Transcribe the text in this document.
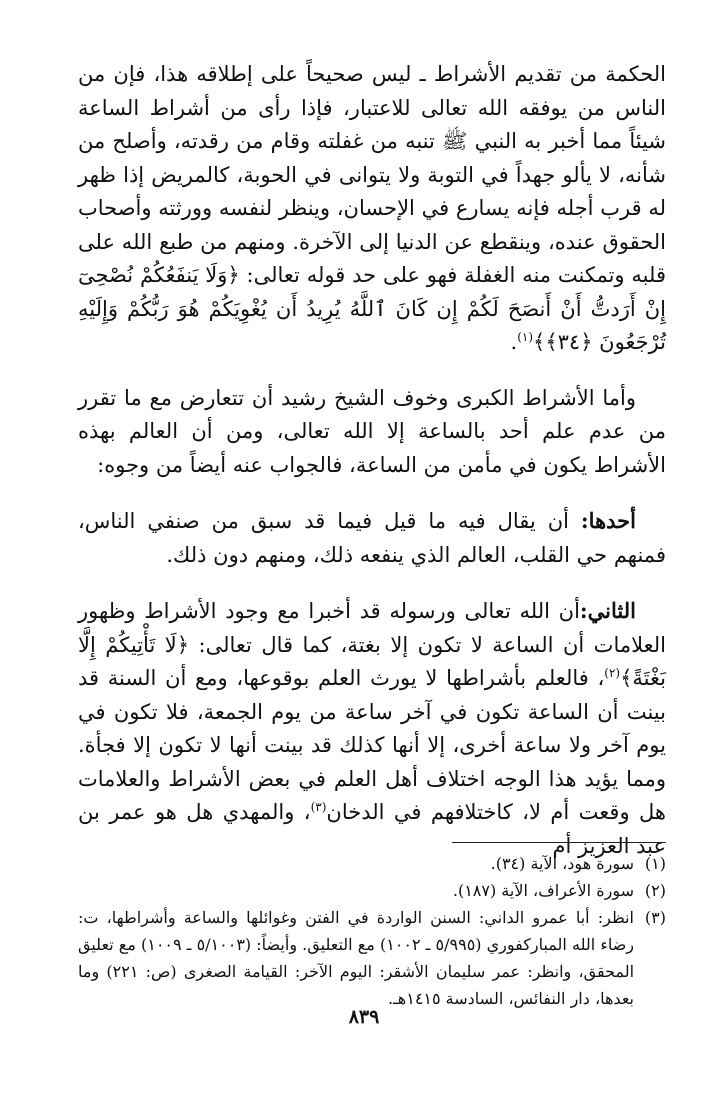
الحكمة من تقديم الأشراط ـ ليس صحيحاً على إطلاقه هذا، فإن من الناس من يوفقه الله تعالى للاعتبار، فإذا رأى من أشراط الساعة شيئاً مما أخبر به النبي ﷺ تنبه من غفلته وقام من رقدته، وأصلح من شأنه، لا يألو جهداً في التوبة ولا يتوانى في الحوبة، كالمريض إذا ظهر له قرب أجله فإنه يسارع في الإحسان، وينظر لنفسه وورثته وأصحاب الحقوق عنده، وينقطع عن الدنيا إلى الآخرة. ومنهم من طبع الله على قلبه وتمكنت منه الغفلة فهو على حد قوله تعالى: ﴿وَلَا يَنفَعُكُمْ نُصْحِىٓ إِنْ أَرَدتُّ أَنْ أَنصَحَ لَكُمْ إِن كَانَ ٱللَّهُ يُرِيدُ أَن يُغْوِيَكُمْ هُوَ رَبُّكُمْ وَإِلَيْهِ تُرْجَعُونَ ﴿٣٤﴾﴾$^{(١)}$.

وأما الأشراط الكبرى وخوف الشيخ رشيد أن تتعارض مع ما تقرر من عدم علم أحد بالساعة إلا الله تعالى، ومن أن العالم بهذه الأشراط يكون في مأمن من الساعة، فالجواب عنه أيضاً من وجوه:

أحدها: أن يقال فيه ما قيل فيما قد سبق من صنفي الناس، فمنهم حي القلب، العالم الذي ينفعه ذلك، ومنهم دون ذلك.

الثاني:أن الله تعالى ورسوله قد أخبرا مع وجود الأشراط وظهور العلامات أن الساعة لا تكون إلا بغتة، كما قال تعالى: ﴿لَا تَأْتِيكُمْ إِلَّا بَغْتَةً﴾$^{(٢)}$، فالعلم بأشراطها لا يورث العلم بوقوعها، ومع أن السنة قد بينت أن الساعة تكون في آخر ساعة من يوم الجمعة، فلا تكون في يوم آخر ولا ساعة أخرى، إلا أنها كذلك قد بينت أنها لا تكون إلا فجأة. ومما يؤيد هذا الوجه اختلاف أهل العلم في بعض الأشراط والعلامات هل وقعت أم لا، كاختلافهم في الدخان$^{(٣)}$، والمهدي هل هو عمر بن عبد العزيز أم

(١)
سورة هود، الآية (٣٤).
(٢)
سورة الأعراف، الآية (١٨٧).
(٣)
انظر: أبا عمرو الداني: السنن الواردة في الفتن وغوائلها والساعة وأشراطها، ت: رضاء الله المباركفوري (٥/٩٩٥ ـ ١٠٠٢) مع التعليق. وأيضاً: (٥/١٠٠٣ ـ ١٠٠٩) مع تعليق المحقق، وانظر: عمر سليمان الأشقر: اليوم الآخر: القيامة الصغرى (ص: ٢٢١) وما بعدها، دار النفائس، السادسة ١٤١٥هـ.
٨٣٩
